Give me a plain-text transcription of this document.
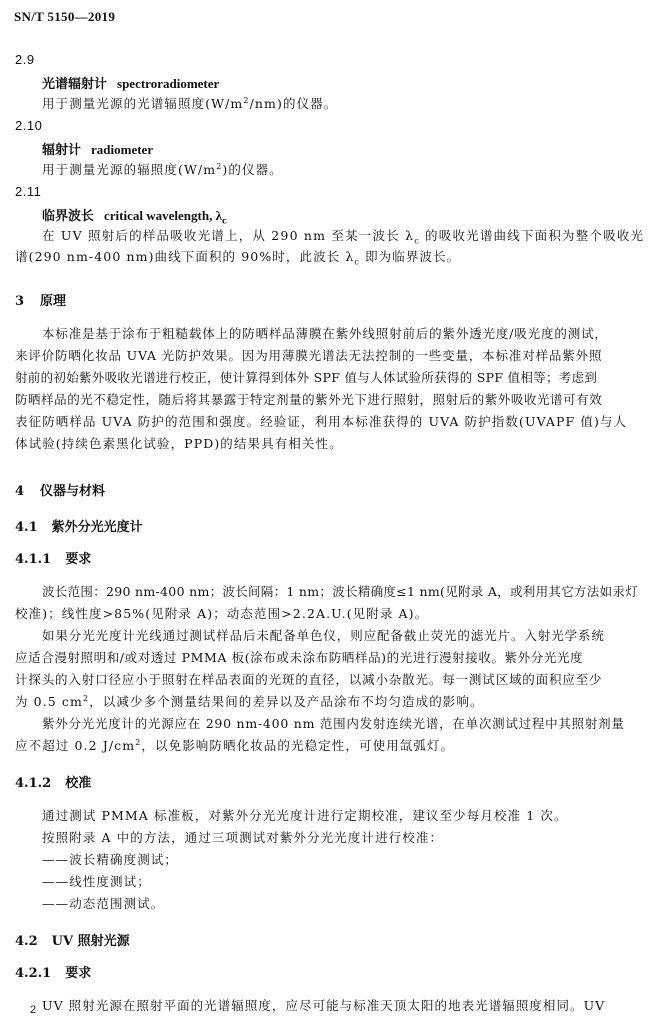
SN/T 5150—2019
2.9
光谱辐射计 spectroradiometer
用于测量光源的光谱辐照度$(W/m^2/nm)$的仪器。
2.10
辐射计 radiometer
用于测量光源的辐照度$(W/m^2)$的仪器。
2.11
临界波长 critical wavelength, $\lambda_c$
在 UV 照射后的样品吸收光谱上，从 290 nm 至某一波长 $\lambda_c$ 的吸收光谱曲线下面积为整个吸收光
谱(290 nm-400 nm)曲线下面积的 90%时，此波长 $\lambda_c$ 即为临界波长。
3 原理
本标准是基于涂布于粗糙载体上的防晒样品薄膜在紫外线照射前后的紫外透光度/吸光度的测试，
来评价防晒化妆品 UVA 光防护效果。因为用薄膜光谱法无法控制的一些变量，本标准对样品紫外照
射前的初始紫外吸收光谱进行校正，使计算得到体外 SPF 值与人体试验所获得的 SPF 值相等；考虑到
防晒样品的光不稳定性，随后将其暴露于特定剂量的紫外光下进行照射，照射后的紫外吸收光谱可有效
表征防晒样品 UVA 防护的范围和强度。经验证，利用本标准获得的 UVA 防护指数(UVAPF 值)与人
体试验(持续色素黑化试验，PPD)的结果具有相关性。
4 仪器与材料
4.1 紫外分光光度计
4.1.1 要求
波长范围：290 nm-400 nm；波长间隔：1 nm；波长精确度≤1 nm(见附录 A，或利用其它方法如汞灯
校准)；线性度>85%(见附录 A)；动态范围>2.2A.U.(见附录 A)。
如果分光光度计光线通过测试样品后未配备单色仪，则应配备截止荧光的滤光片。入射光学系统
应适合漫射照明和/或对透过 PMMA 板(涂布或未涂布防晒样品)的光进行漫射接收。紫外分光光度
计探头的入射口径应小于照射在样品表面的光斑的直径，以减小杂散光。每一测试区域的面积应至少
为 0.5 $cm^2$，以减少多个测量结果间的差异以及产品涂布不均匀造成的影响。
紫外分光光度计的光源应在 290 nm-400 nm 范围内发射连续光谱，在单次测试过程中其照射剂量
应不超过 0.2 $J/cm^2$，以免影响防晒化妆品的光稳定性，可使用氙弧灯。
4.1.2 校准
通过测试 PMMA 标准板，对紫外分光光度计进行定期校准，建议至少每月校准 1 次。
按照附录 A 中的方法，通过三项测试对紫外分光光度计进行校准：
——波长精确度测试；
——线性度测试；
——动态范围测试。
4.2 UV 照射光源
4.2.1 要求
UV 照射光源在照射平面的光谱辐照度，应尽可能与标准天顶太阳的地表光谱辐照度相同。UV
2
